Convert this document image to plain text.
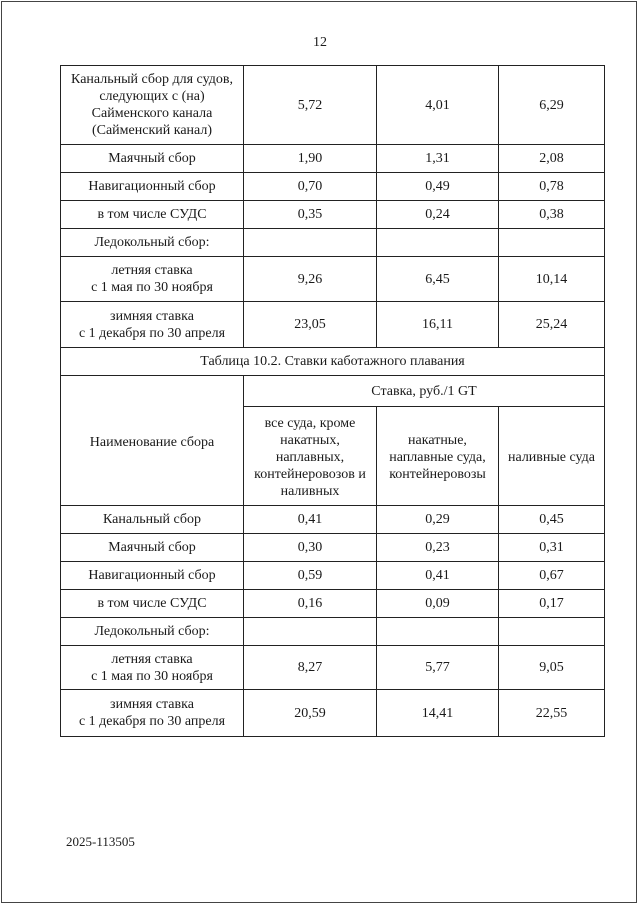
12
Канальный сбор для судов,
следующих с (на)
Сайменского канала
(Сайменский канал)	5,72	4,01	6,29
Маячный сбор	1,90	1,31	2,08
Навигационный сбор	0,70	0,49	0,78
в том числе СУДС	0,35	0,24	0,38
Ледокольный сбор:			
летняя ставка
с 1 мая по 30 ноября	9,26	6,45	10,14
зимняя ставка
с 1 декабря по 30 апреля	23,05	16,11	25,24
Таблица 10.2. Ставки каботажного плавания			
Наименование сбора	Ставка, руб./1 GT		
	все суда, кроме накатных, наплавных, контейнеровозов и наливных	накатные, наплавные суда, контейнеровозы	наливные суда
Канальный сбор	0,41	0,29	0,45
Маячный сбор	0,30	0,23	0,31
Навигационный сбор	0,59	0,41	0,67
в том числе СУДС	0,16	0,09	0,17
Ледокольный сбор:			
летняя ставка
с 1 мая по 30 ноября	8,27	5,77	9,05
зимняя ставка
с 1 декабря по 30 апреля	20,59	14,41	22,55
2025-113505
